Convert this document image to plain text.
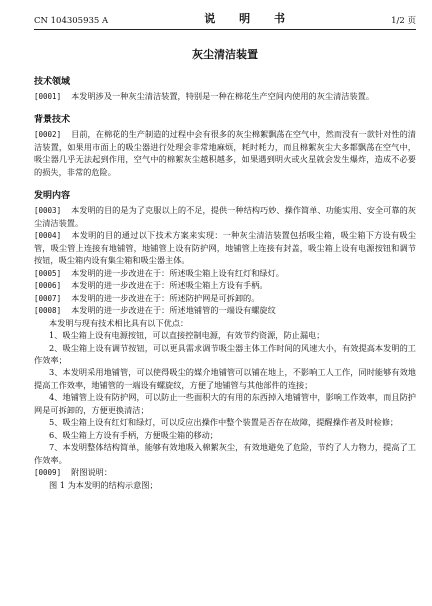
CN 104305935 A	说 明 书	1/2 页
灰尘清洁装置
技术领域

[0001] 本发明涉及一种灰尘清洁装置，特别是一种在棉花生产空间内使用的灰尘清洁装置。

背景技术

[0002] 目前，在棉花的生产制造的过程中会有很多的灰尘棉絮飘荡在空气中，然而没有一款针对性的清洁装置，如果用市面上的吸尘器进行处理会非常地麻烦，耗时耗力，而且棉絮灰尘大多都飘荡在空气中，吸尘器几乎无法起到作用，空气中的棉絮灰尘越积越多，如果遇到明火或火星就会发生爆炸，造成不必要的损失，非常的危险。

发明内容

[0003] 本发明的目的是为了克服以上的不足，提供一种结构巧妙、操作简单、功能实用、安全可靠的灰尘清洁装置。

[0004] 本发明的目的通过以下技术方案来实现：一种灰尘清洁装置包括吸尘箱，吸尘箱下方设有吸尘管，吸尘管上连接有地铺管，地铺管上设有防护网，地铺管上连接有封盖，吸尘箱上设有电源按钮和调节按钮，吸尘箱内设有集尘箱和吸尘器主体。

[0005] 本发明的进一步改进在于：所述吸尘箱上设有红灯和绿灯。

[0006] 本发明的进一步改进在于：所述吸尘箱上方设有手柄。

[0007] 本发明的进一步改进在于：所述防护网是可拆卸的。

[0008] 本发明的进一步改进在于：所述地铺管的一端设有螺旋纹

本发明与现有技术相比具有以下优点：

1、吸尘箱上设有电源按钮，可以直接控制电源，有效节约资源，防止漏电；

2、吸尘箱上设有调节按钮，可以更具需求调节吸尘器主体工作时间的风速大小，有效提高本发明的工作效率；

3、本发明采用地铺管，可以使得吸尘的媒介地铺管可以铺在地上，不影响工人工作，同时能够有效地提高工作效率，地铺管的一端设有螺旋纹，方便了地铺管与其他部件的连接；

4、地铺管上设有防护网，可以防止一些面积大的有用的东西掉入地铺管中，影响工作效率，而且防护网是可拆卸的，方便更换清洁；

5、吸尘箱上设有红灯和绿灯，可以反应出操作中整个装置是否存在故障，提醒操作者及时检修；

6、吸尘箱上方设有手柄，方便吸尘箱的移动；

7、本发明整体结构简单，能够有效地吸入棉絮灰尘，有效地避免了危险，节约了人力物力，提高了工作效率。

[0009] 附图说明：

图 1 为本发明的结构示意图；
